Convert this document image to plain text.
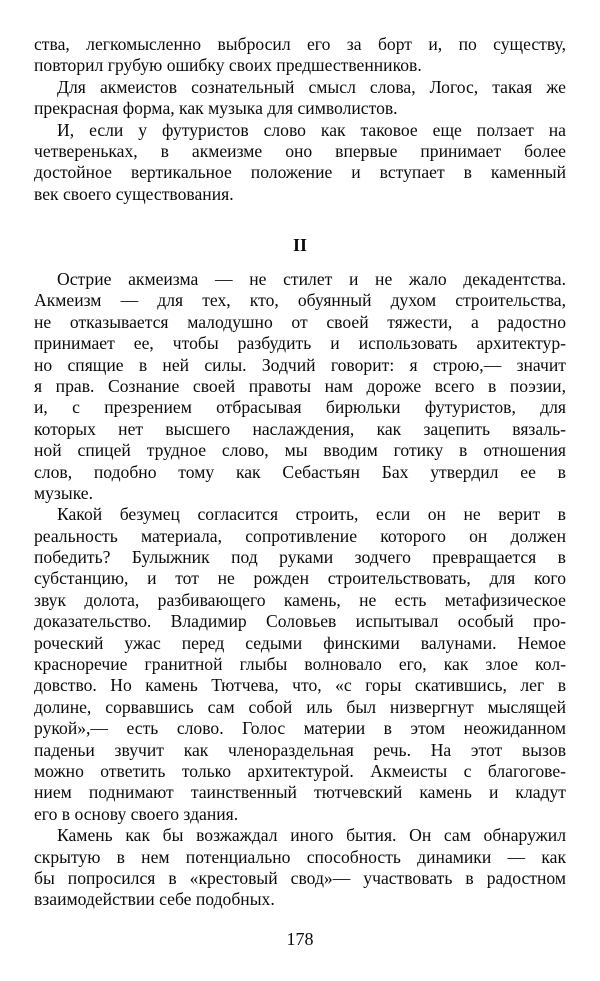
ства, легкомысленно выбросил его за борт и, по существу,

повторил грубую ошибку своих предшественников.

Для акмеистов сознательный смысл слова, Логос, такая же

прекрасная форма, как музыка для символистов.

И, если у футуристов слово как таковое еще ползает на

четвереньках, в акмеизме оно впервые принимает более

достойное вертикальное положение и вступает в каменный

век своего существования.

II

Острие акмеизма — не стилет и не жало декадентства.

Акмеизм — для тех, кто, обуянный духом строительства,

не отказывается малодушно от своей тяжести, а радостно

принимает ее, чтобы разбудить и использовать архитектур-

но спящие в ней силы. Зодчий говорит: я строю,— значит

я прав. Сознание своей правоты нам дороже всего в поэзии,

и, с презрением отбрасывая бирюльки футуристов, для

которых нет высшего наслаждения, как зацепить вязаль-

ной спицей трудное слово, мы вводим готику в отношения

слов, подобно тому как Себастьян Бах утвердил ее в

музыке.

Какой безумец согласится строить, если он не верит в

реальность материала, сопротивление которого он должен

победить? Булыжник под руками зодчего превращается в

субстанцию, и тот не рожден строительствовать, для кого

звук долота, разбивающего камень, не есть метафизическое

доказательство. Владимир Соловьев испытывал особый про-

роческий ужас перед седыми финскими валунами. Немое

красноречие гранитной глыбы волновало его, как злое кол-

довство. Но камень Тютчева, что, «с горы скатившись, лег в

долине, сорвавшись сам собой иль был низвергнут мыслящей

рукой»,— есть слово. Голос материи в этом неожиданном

паденьи звучит как членораздельная речь. На этот вызов

можно ответить только архитектурой. Акмеисты с благогове-

нием поднимают таинственный тютчевский камень и кладут

его в основу своего здания.

Камень как бы возжаждал иного бытия. Он сам обнаружил

скрытую в нем потенциально способность динамики — как

бы попросился в «крестовый свод»— участвовать в радостном

взаимодействии себе подобных.

178
